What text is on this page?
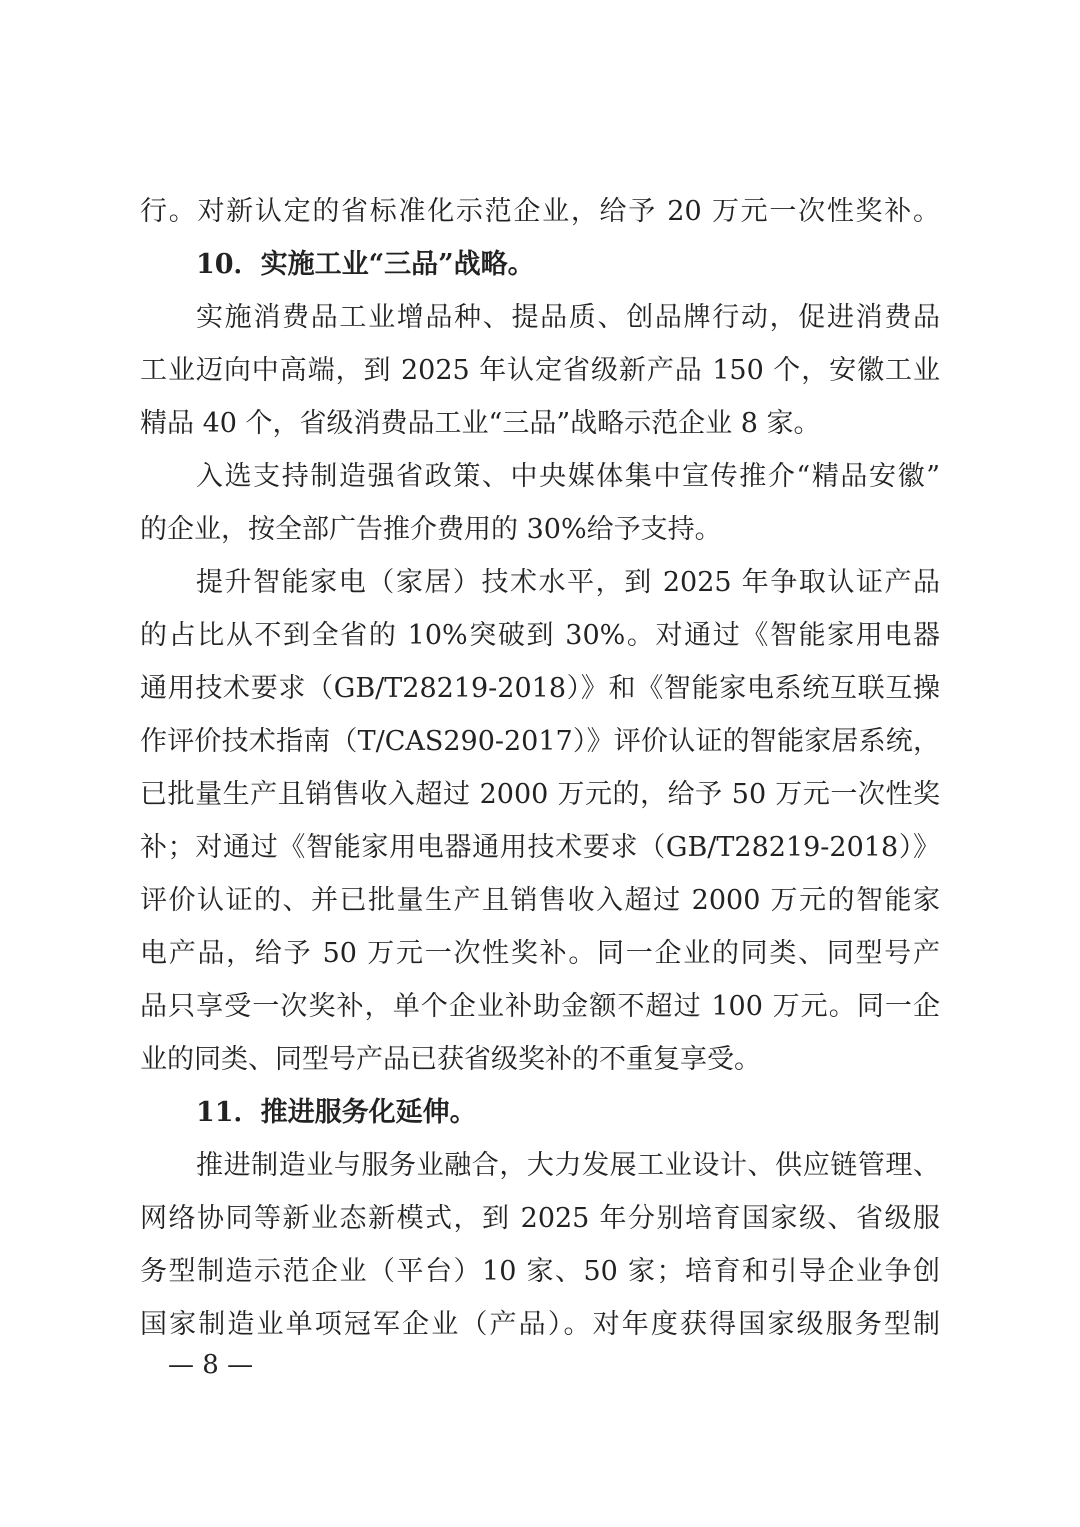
行。对新认定的省标准化示范企业，给予 20 万元一次性奖补。
10．实施工业“三品”战略。
实施消费品工业增品种、提品质、创品牌行动，促进消费品
工业迈向中高端，到 2025 年认定省级新产品 150 个，安徽工业
精品 40 个，省级消费品工业“三品”战略示范企业 8 家。
入选支持制造强省政策、中央媒体集中宣传推介“精品安徽”
的企业，按全部广告推介费用的 30%给予支持。
提升智能家电（家居）技术水平，到 2025 年争取认证产品
的占比从不到全省的 10%突破到 30%。对通过《智能家用电器
通用技术要求（GB/T28219-2018）》和《智能家电系统互联互操
作评价技术指南（T/CAS290-2017）》评价认证的智能家居系统，
已批量生产且销售收入超过 2000 万元的，给予 50 万元一次性奖
补；对通过《智能家用电器通用技术要求（GB/T28219-2018）》
评价认证的、并已批量生产且销售收入超过 2000 万元的智能家
电产品，给予 50 万元一次性奖补。同一企业的同类、同型号产
品只享受一次奖补，单个企业补助金额不超过 100 万元。同一企
业的同类、同型号产品已获省级奖补的不重复享受。
11．推进服务化延伸。
推进制造业与服务业融合，大力发展工业设计、供应链管理、
网络协同等新业态新模式，到 2025 年分别培育国家级、省级服
务型制造示范企业（平台）10 家、50 家；培育和引导企业争创
国家制造业单项冠军企业（产品）。对年度获得国家级服务型制
— 8 —
